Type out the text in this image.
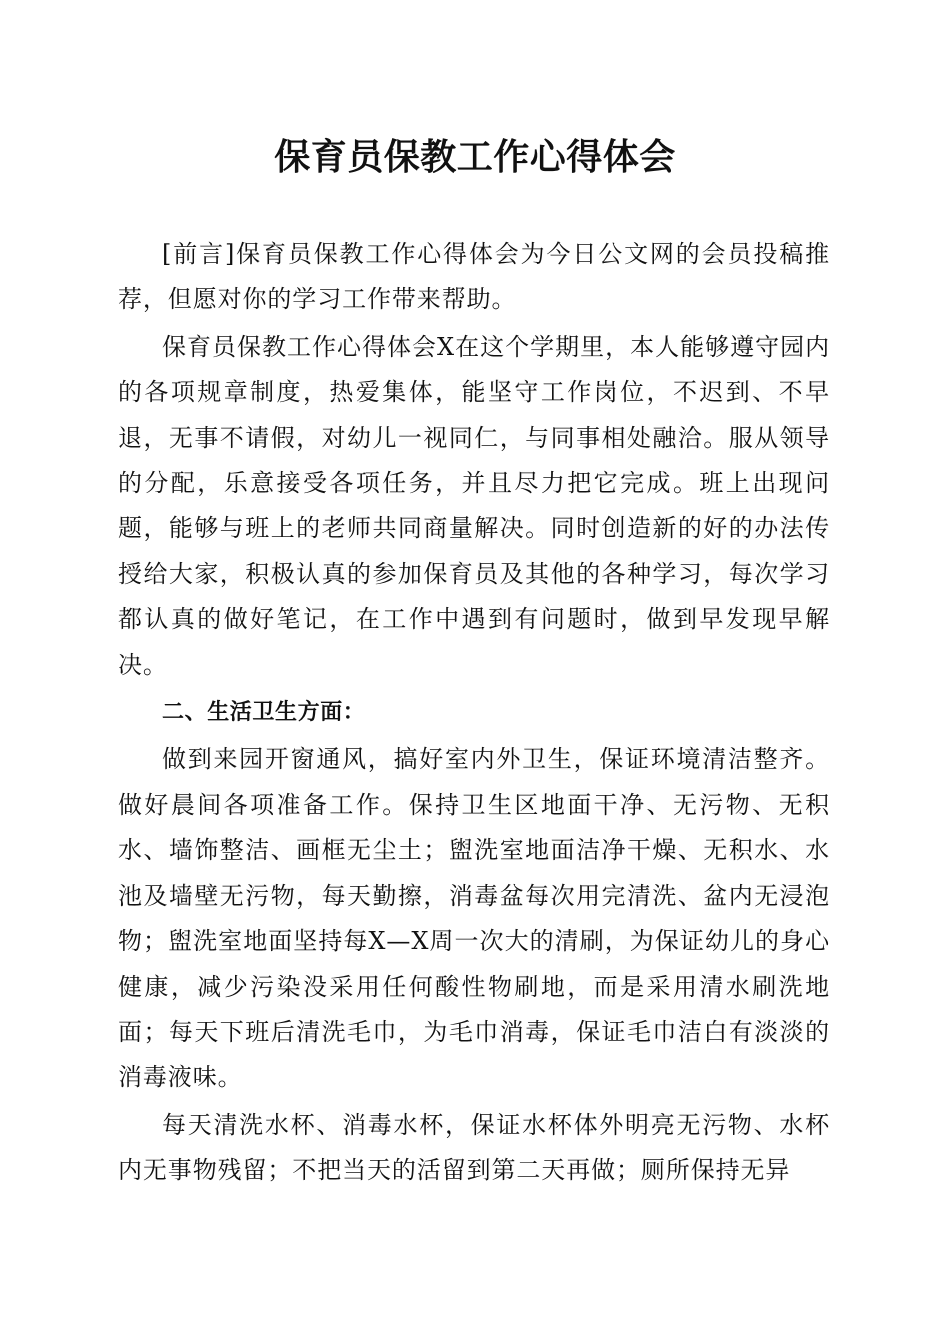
保育员保教工作心得体会

[前言]保育员保教工作心得体会为今日公文网的会员投稿推荐，但愿对你的学习工作带来帮助。

保育员保教工作心得体会X在这个学期里，本人能够遵守园内的各项规章制度，热爱集体，能坚守工作岗位，不迟到、不早退，无事不请假，对幼儿一视同仁，与同事相处融洽。服从领导的分配，乐意接受各项任务，并且尽力把它完成。班上出现问题，能够与班上的老师共同商量解决。同时创造新的好的办法传授给大家，积极认真的参加保育员及其他的各种学习，每次学习都认真的做好笔记，在工作中遇到有问题时，做到早发现早解决。

二、生活卫生方面：

做到来园开窗通风，搞好室内外卫生，保证环境清洁整齐。做好晨间各项准备工作。保持卫生区地面干净、无污物、无积水、墙饰整洁、画框无尘土；盥洗室地面洁净干燥、无积水、水池及墙壁无污物，每天勤擦，消毒盆每次用完清洗、盆内无浸泡物；盥洗室地面坚持每X—X周一次大的清刷，为保证幼儿的身心健康，减少污染没采用任何酸性物刷地，而是采用清水刷洗地面；每天下班后清洗毛巾，为毛巾消毒，保证毛巾洁白有淡淡的消毒液味。

每天清洗水杯、消毒水杯，保证水杯体外明亮无污物、水杯内无事物残留；不把当天的活留到第二天再做；厕所保持无异
